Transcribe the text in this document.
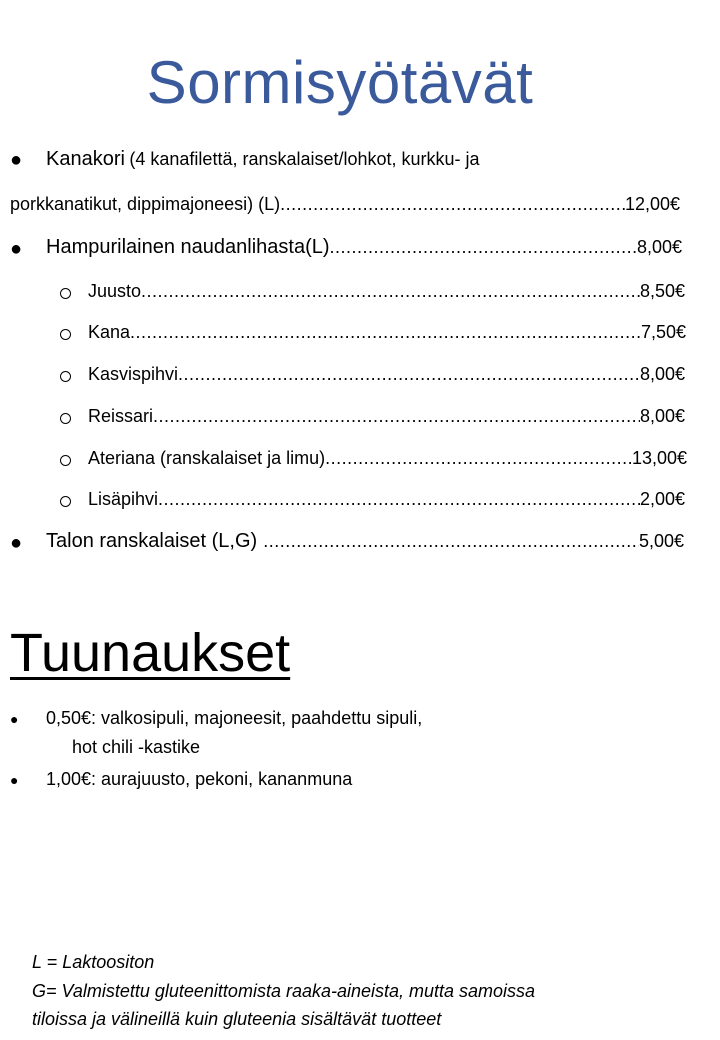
Sormisyötävät
● Kanakori (4 kanafilettä, ranskalaiset/lohkot, kurkku- ja
porkkanatikut, dippimajoneesi) (L) .....	12,00€
● Hampurilainen naudanlihasta(L) .....	8,00€
Juusto .....	8,50€
Kana .....	7,50€
Kasvispihvi .....	8,00€
Reissari .....	8,00€
Ateriana (ranskalaiset ja limu) .....	13,00€
Lisäpihvi .....	2,00€
● Talon ranskalaiset (L,G) .....	5,00€
Tuunaukset
● 0,50€: valkosipuli, majoneesit, paahdettu sipuli,
hot chili -kastike
● 1,00€: aurajuusto, pekoni, kananmuna
L = Laktoositon
G= Valmistettu gluteenittomista raaka-aineista, mutta samoissa
tiloissa ja välineillä kuin gluteenia sisältävät tuotteet
